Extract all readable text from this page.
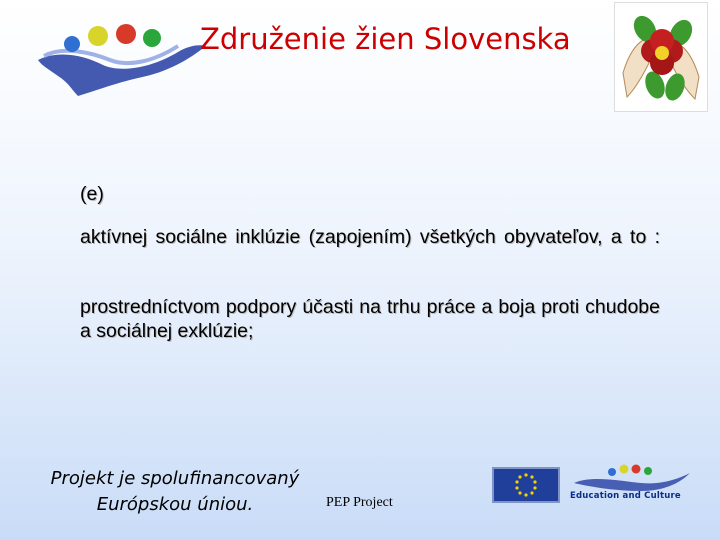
Združenie žien Slovenska
(e)
aktívnej sociálne inklúzie (zapojením) všetkých obyvateľov, a to :
prostredníctvom podpory účasti na trhu práce a boja proti chudobe a sociálnej exklúzie;
Projekt je spolufinancovaný
Európskou úniou.	PEP Project	Education and Culture
